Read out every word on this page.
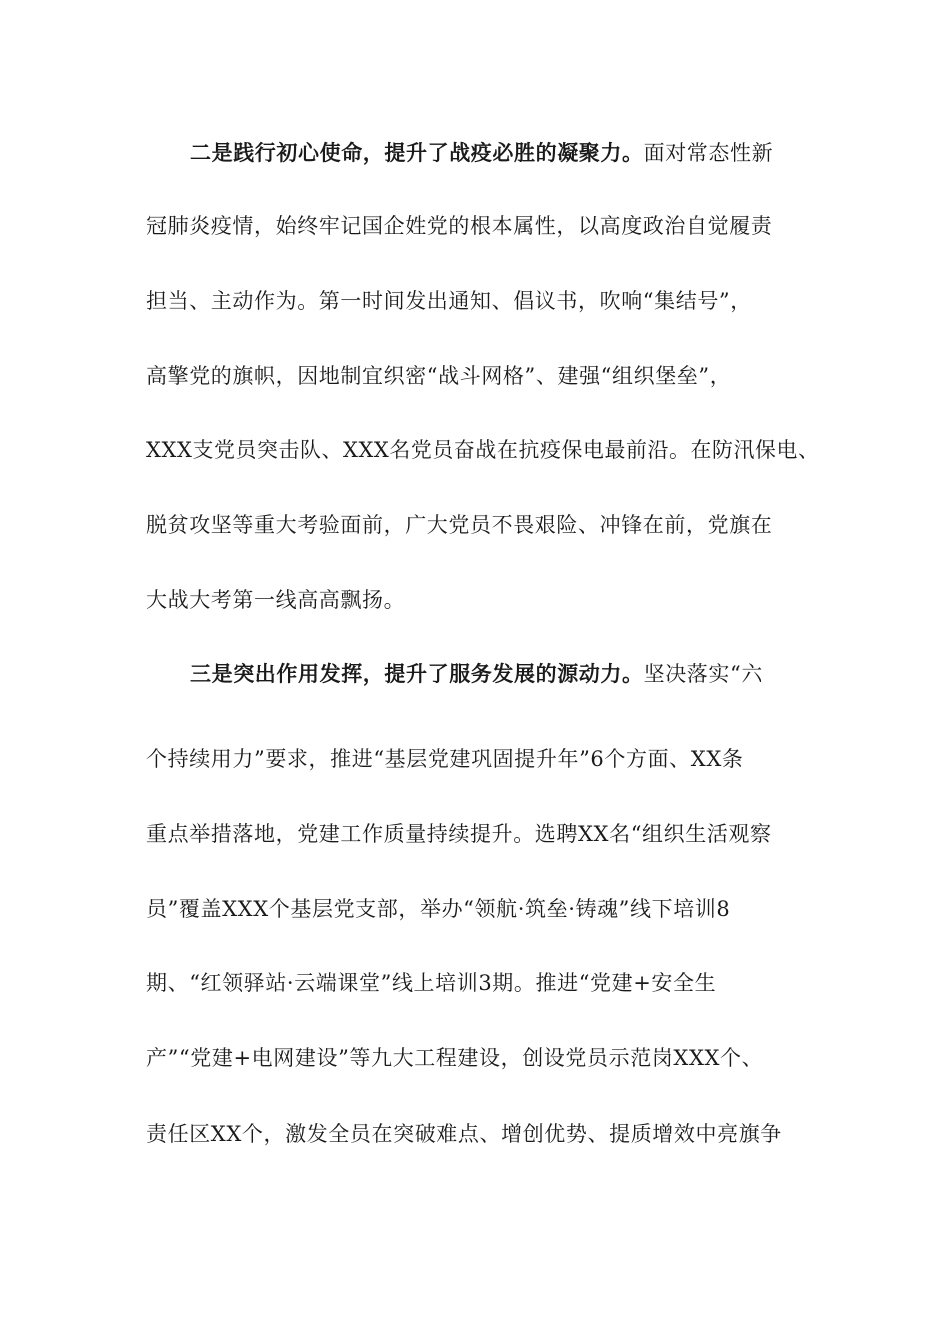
二是践行初心使命，提升了战疫必胜的凝聚力。面对常态性新
冠肺炎疫情，始终牢记国企姓党的根本属性，以高度政治自觉履责
担当、主动作为。第一时间发出通知、倡议书，吹响“集结号”，
高擎党的旗帜，因地制宜织密“战斗网格”、建强“组织堡垒”，
XXX支党员突击队、XXX名党员奋战在抗疫保电最前沿。在防汛保电、
脱贫攻坚等重大考验面前，广大党员不畏艰险、冲锋在前，党旗在
大战大考第一线高高飘扬。
三是突出作用发挥，提升了服务发展的源动力。坚决落实“六
个持续用力”要求，推进“基层党建巩固提升年”6个方面、XX条
重点举措落地，党建工作质量持续提升。选聘XX名“组织生活观察
员”覆盖XXX个基层党支部，举办“领航·筑垒·铸魂”线下培训8
期、“红领驿站·云端课堂”线上培训3期。推进“党建+安全生
产”“党建+电网建设”等九大工程建设，创设党员示范岗XXX个、
责任区XX个，激发全员在突破难点、增创优势、提质增效中亮旗争
